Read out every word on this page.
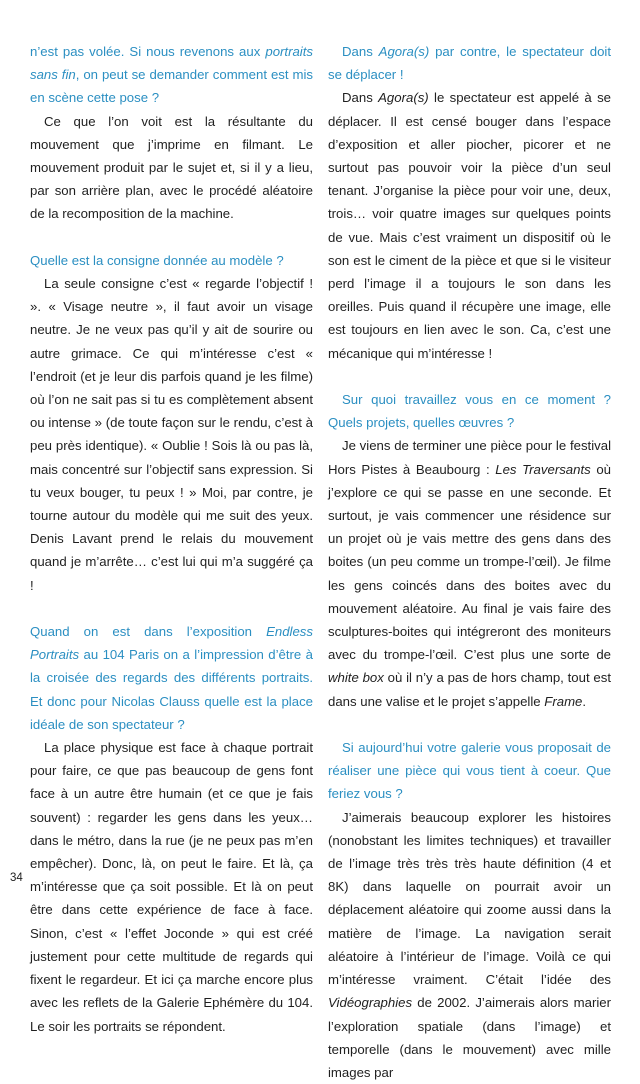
n’est pas volée. Si nous revenons aux portraits sans fin, on peut se demander comment est mis en scène cette pose ?

Ce que l’on voit est la résultante du mouvement que j’imprime en filmant. Le mouvement produit par le sujet et, si il y a lieu, par son arrière plan, avec le procédé aléatoire de la recomposition de la machine.

Quelle est la consigne donnée au modèle ?

La seule consigne c’est « regarde l’objectif ! ». « Visage neutre », il faut avoir un visage neutre. Je ne veux pas qu’il y ait de sourire ou autre grimace. Ce qui m’intéresse c’est « l’endroit (et je leur dis parfois quand je les filme) où l’on ne sait pas si tu es complètement absent ou intense » (de toute façon sur le rendu, c’est à peu près identique). « Oublie ! Sois là ou pas là, mais concentré sur l’objectif sans expression. Si tu veux bouger, tu peux ! » Moi, par contre, je tourne autour du modèle qui me suit des yeux. Denis Lavant prend le relais du mouvement quand je m’arrête… c’est lui qui m’a suggéré ça !

Quand on est dans l’exposition Endless Portraits au 104 Paris on a l’impression d’être à la croisée des regards des différents portraits. Et donc pour Nicolas Clauss quelle est la place idéale de son spectateur ?

La place physique est face à chaque portrait pour faire, ce que pas beaucoup de gens font face à un autre être humain (et ce que je fais souvent) : regarder les gens dans les yeux… dans le métro, dans la rue (je ne peux pas m’en empêcher). Donc, là, on peut le faire. Et là, ça m’intéresse que ça soit possible. Et là on peut être dans cette expérience de face à face. Sinon, c’est « l’effet Joconde » qui est créé justement pour cette multitude de regards qui fixent le regardeur. Et ici ça marche encore plus avec les reflets de la Galerie Ephémère du 104. Le soir les portraits se répondent.

Dans Agora(s) par contre, le spectateur doit se déplacer !

Dans Agora(s) le spectateur est appelé à se déplacer. Il est censé bouger dans l’espace d’exposition et aller piocher, picorer et ne surtout pas pouvoir voir la pièce d’un seul tenant. J’organise la pièce pour voir une, deux, trois… voir quatre images sur quelques points de vue. Mais c’est vraiment un dispositif où le son est le ciment de la pièce et que si le visiteur perd l’image il a toujours le son dans les oreilles. Puis quand il récupère une image, elle est toujours en lien avec le son. Ca, c’est une mécanique qui m’intéresse !

Sur quoi travaillez vous en ce moment ? Quels projets, quelles œuvres ?

Je viens de terminer une pièce pour le festival Hors Pistes à Beaubourg : Les Traversants où j’explore ce qui se passe en une seconde. Et surtout, je vais commencer une résidence sur un projet où je vais mettre des gens dans des boites (un peu comme un trompe-l’œil). Je filme les gens coincés dans des boites avec du mouvement aléatoire. Au final je vais faire des sculptures-boites qui intégreront des moniteurs avec du trompe-l’œil. C’est plus une sorte de white box où il n’y a pas de hors champ, tout est dans une valise et le projet s’appelle Frame.

Si aujourd’hui votre galerie vous proposait de réaliser une pièce qui vous tient à coeur. Que feriez vous ?

J’aimerais beaucoup explorer les histoires (nonobstant les limites techniques) et travailler de l’image très très très haute définition (4 et 8K) dans laquelle on pourrait avoir un déplacement aléatoire qui zoome aussi dans la matière de l’image. La navigation serait aléatoire à l’intérieur de l’image. Voilà ce qui m’intéresse vraiment. C’était l’idée des Vidéographies de 2002. J’aimerais alors marier l’exploration spatiale (dans l’image) et temporelle (dans le mouvement) avec mille images par

34
